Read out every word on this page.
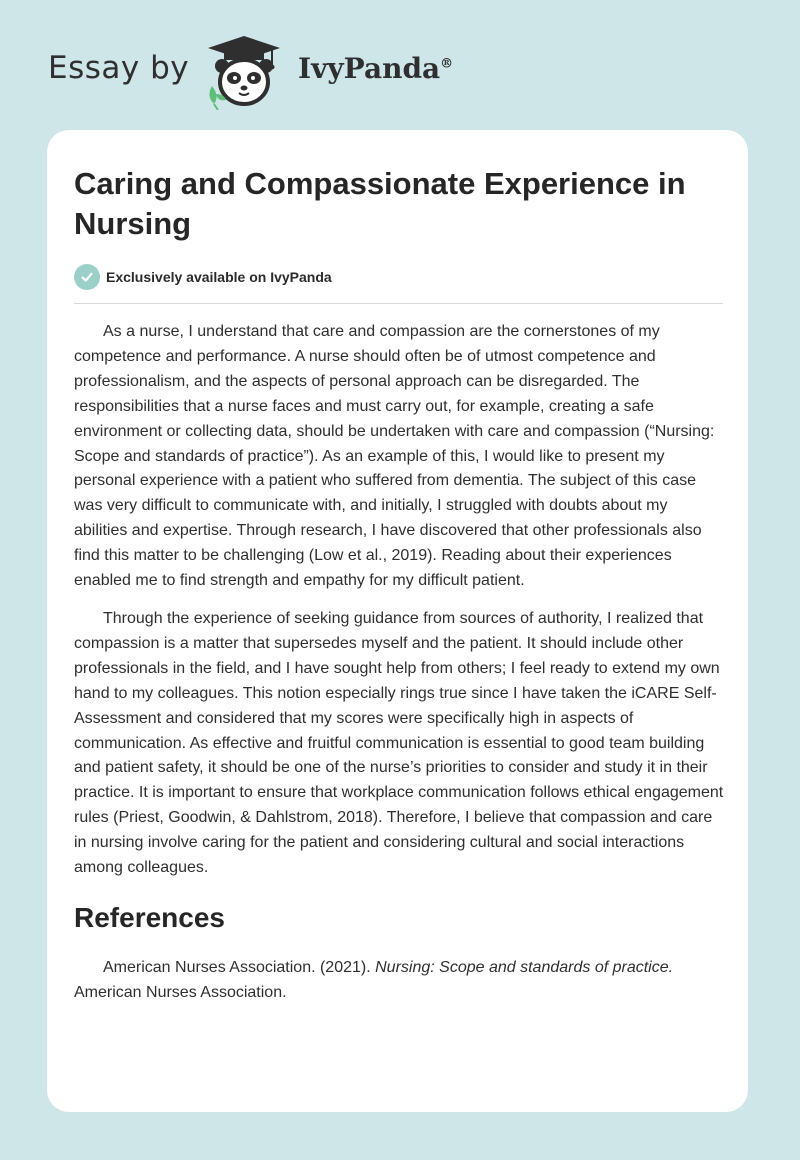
Essay by	IvyPanda®
Caring and Compassionate Experience in Nursing
Exclusively available on IvyPanda

As a nurse, I understand that care and compassion are the cornerstones of my competence and performance. A nurse should often be of utmost competence and professionalism, and the aspects of personal approach can be disregarded. The responsibilities that a nurse faces and must carry out, for example, creating a safe environment or collecting data, should be undertaken with care and compassion (“Nursing: Scope and standards of practice”). As an example of this, I would like to present my personal experience with a patient who suffered from dementia. The subject of this case was very difficult to communicate with, and initially, I struggled with doubts about my abilities and expertise. Through research, I have discovered that other professionals also find this matter to be challenging (Low et al., 2019). Reading about their experiences enabled me to find strength and empathy for my difficult patient.

Through the experience of seeking guidance from sources of authority, I realized that compassion is a matter that supersedes myself and the patient. It should include other professionals in the field, and I have sought help from others; I feel ready to extend my own hand to my colleagues. This notion especially rings true since I have taken the iCARE Self-Assessment and considered that my scores were specifically high in aspects of communication. As effective and fruitful communication is essential to good team building and patient safety, it should be one of the nurse’s priorities to consider and study it in their practice. It is important to ensure that workplace communication follows ethical engagement rules (Priest, Goodwin, & Dahlstrom, 2018). Therefore, I believe that compassion and care in nursing involve caring for the patient and considering cultural and social interactions among colleagues.

References

American Nurses Association. (2021). Nursing: Scope and standards of practice. American Nurses Association.
